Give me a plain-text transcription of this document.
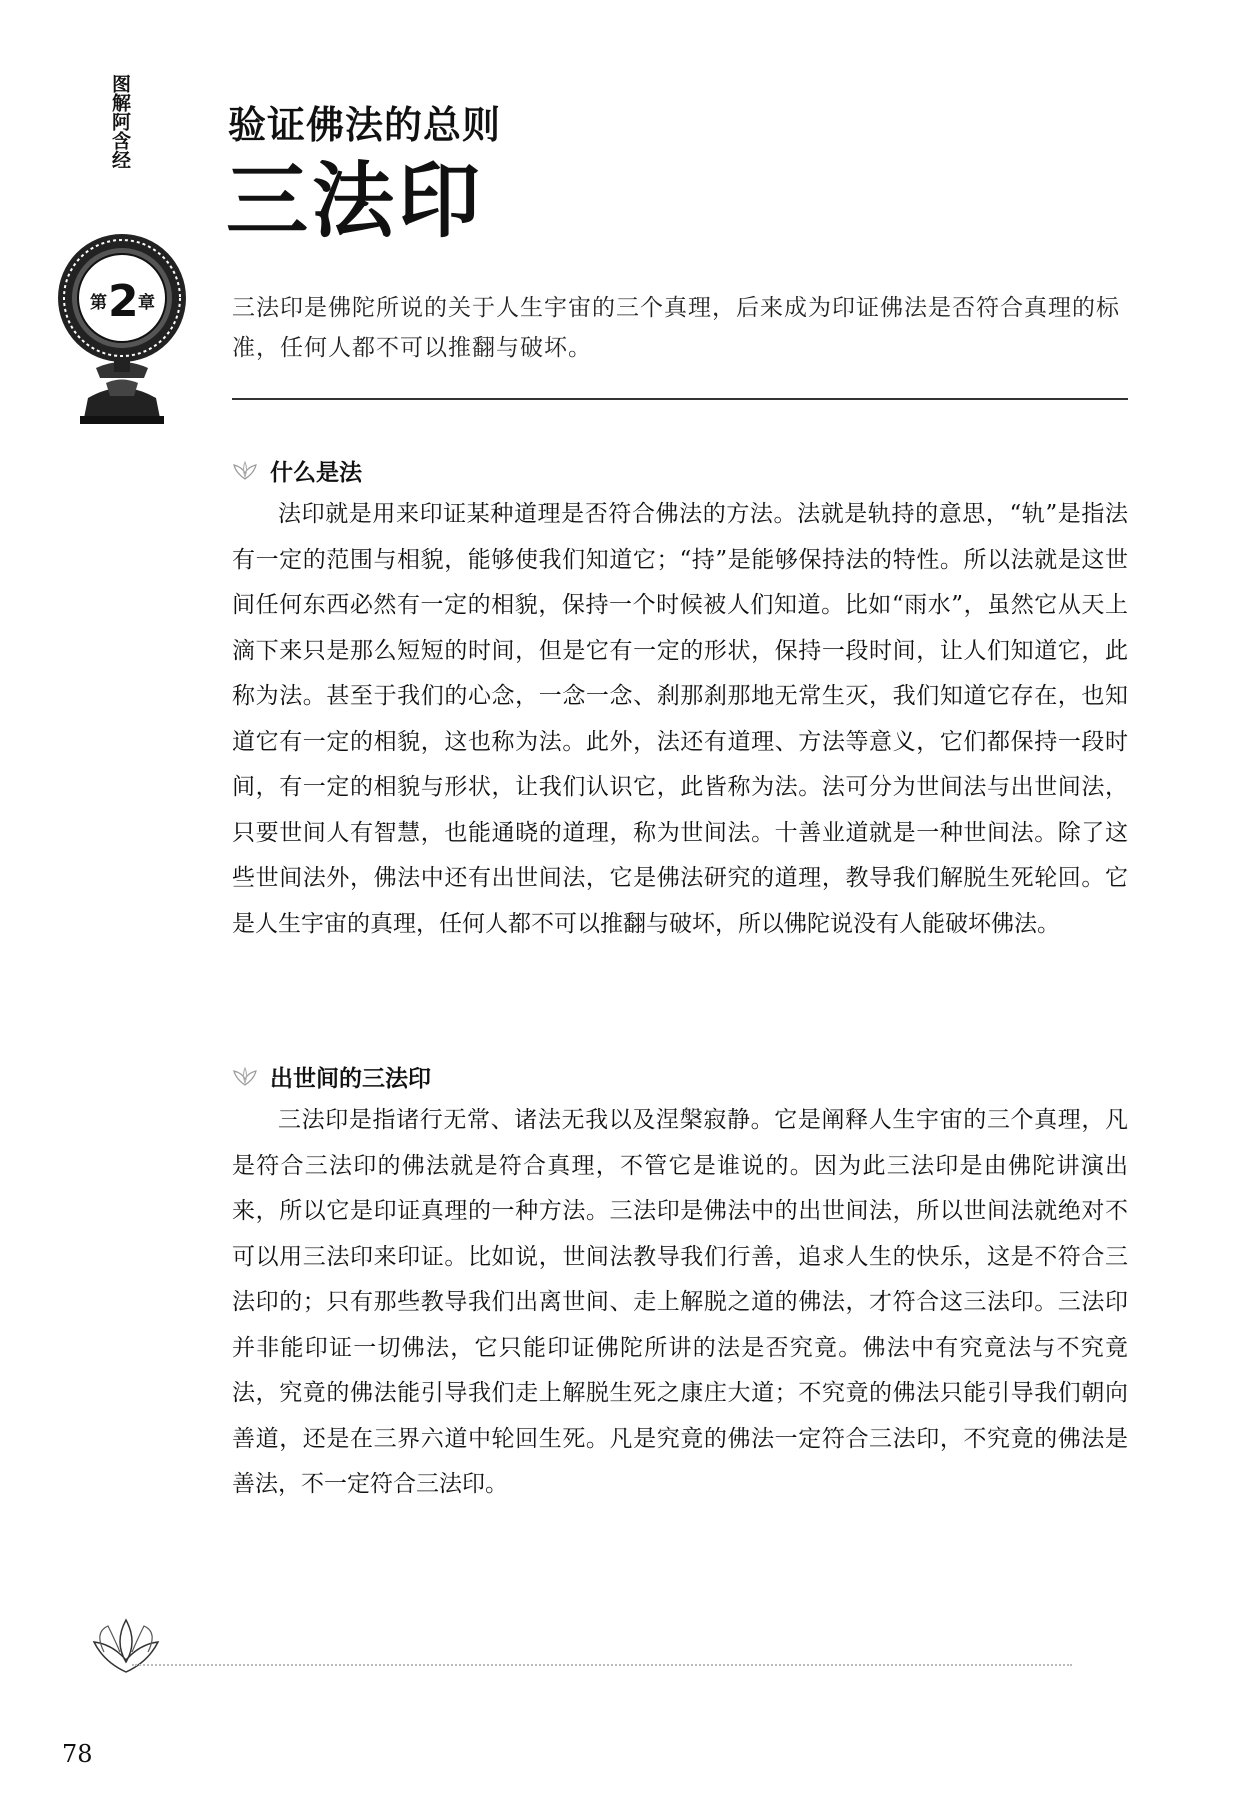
图解阿含经
第 2 章
验证佛法的总则
三法印
三法印是佛陀所说的关于人生宇宙的三个真理，后来成为印证佛法是否符合真理的标准，任何人都不可以推翻与破坏。
什么是法
法印就是用来印证某种道理是否符合佛法的方法。法就是轨持的意思，“轨”是指法有一定的范围与相貌，能够使我们知道它；“持”是能够保持法的特性。所以法就是这世间任何东西必然有一定的相貌，保持一个时候被人们知道。比如“雨水”，虽然它从天上滴下来只是那么短短的时间，但是它有一定的形状，保持一段时间，让人们知道它，此称为法。甚至于我们的心念，一念一念、刹那刹那地无常生灭，我们知道它存在，也知道它有一定的相貌，这也称为法。此外，法还有道理、方法等意义，它们都保持一段时间，有一定的相貌与形状，让我们认识它，此皆称为法。法可分为世间法与出世间法，只要世间人有智慧，也能通晓的道理，称为世间法。十善业道就是一种世间法。除了这些世间法外，佛法中还有出世间法，它是佛法研究的道理，教导我们解脱生死轮回。它是人生宇宙的真理，任何人都不可以推翻与破坏，所以佛陀说没有人能破坏佛法。
出世间的三法印
三法印是指诸行无常、诸法无我以及涅槃寂静。它是阐释人生宇宙的三个真理，凡是符合三法印的佛法就是符合真理，不管它是谁说的。因为此三法印是由佛陀讲演出来，所以它是印证真理的一种方法。三法印是佛法中的出世间法，所以世间法就绝对不可以用三法印来印证。比如说，世间法教导我们行善，追求人生的快乐，这是不符合三法印的；只有那些教导我们出离世间、走上解脱之道的佛法，才符合这三法印。三法印并非能印证一切佛法，它只能印证佛陀所讲的法是否究竟。佛法中有究竟法与不究竟法，究竟的佛法能引导我们走上解脱生死之康庄大道；不究竟的佛法只能引导我们朝向善道，还是在三界六道中轮回生死。凡是究竟的佛法一定符合三法印，不究竟的佛法是善法，不一定符合三法印。
78
